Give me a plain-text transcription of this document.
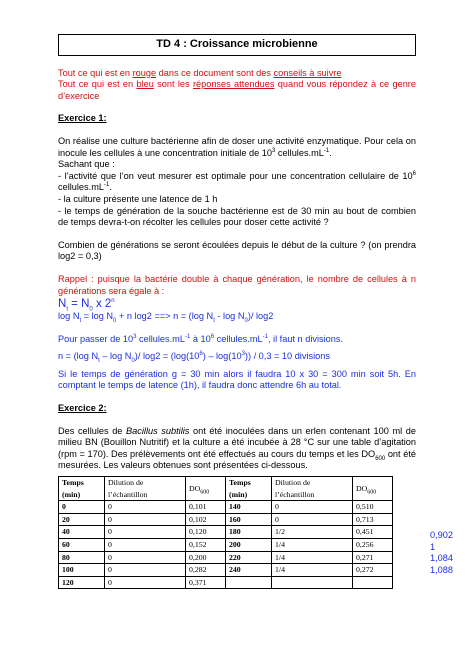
TD 4 : Croissance microbienne

Tout ce qui est en rouge dans ce document sont des conseils à suivre

Tout ce qui est en bleu sont les réponses attendues quand vous répondez à ce genre d’exercice

Exercice 1:

On réalise une culture bactérienne afin de doser une activité enzymatique. Pour cela on inocule les cellules à une concentration initiale de $10^3$ $cellules.mL^{-1}$.

Sachant que :

- l’activité que l’on veut mesurer est optimale pour une concentration cellulaire de $10^6$ $cellules.mL^{-1}$.

- la culture présente une latence de 1 h

- le temps de génération de la souche bactérienne est de 30 min au bout de combien de temps devra-t-on récolter les cellules pour doser cette activité ?

Combien de générations se seront écoulées depuis le début de la culture ? (on prendra log2 = 0,3)

Rappel : puisque la bactérie double à chaque génération, le nombre de cellules à n générations sera égale à :

$N_t = N_0$ x 2$^n$

$\log N_t = \log N_0 + n$ log2 ==> n = (log $N_t$ - $\log N_0)/$ log2

Pour passer de $10^3$ $cellules.mL^{-1}$ à $10^6$ $cellules.mL^{-1}$, il faut n divisions.

n = (log $N_t$ – $\log N_0)/$ $\log 2 = (\log(10^6) - \log(10^3)) / 0,3 = 10$ divisions

Si le temps de génération g = 30 min alors il faudra 10 x 30 = 300 min soit 5h. En comptant le temps de latence (1h), il faudra donc attendre 6h au total.

Exercice 2:

Des cellules de Bacillus subtilis ont été inoculées dans un erlen contenant 100 ml de milieu BN (Bouillon Nutritif) et la culture a été incubée à 28 °C sur une table d’agitation (rpm = 170). Des prélèvements ont été effectués au cours du temps et les $DO_{600}$ ont été mesurées. Les valeurs obtenues sont présentées ci-dessous.

Temps (min)	Dilution de l’échantillon	$DO_{600}$	Temps (min)	Dilution de l’échantillon	$DO_{600}$
0	0	0,101	140	0	0,510
20	0	0,102	160	0	0,713
40	0	0,120	180	1/2	0,451
60	0	0,152	200	1/4	0,256
80	0	0,200	220	1/4	0,271
100	0	0,282	240	1/4	0,272
120	0	0,371			
0,902
1
1,084
1,088
